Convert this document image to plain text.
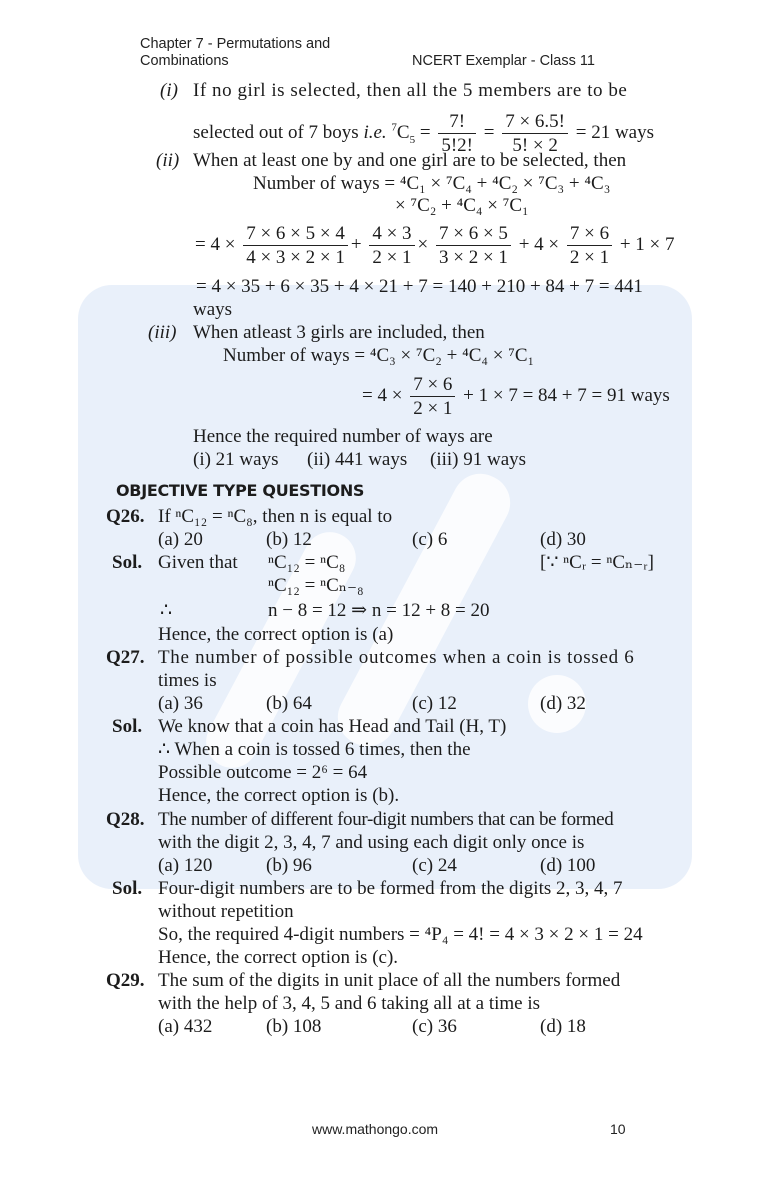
Chapter 7 - Permutations and
Combinations	NCERT Exemplar - Class 11
(i) If no girl is selected, then all the 5 members are to be
selected out of 7 boys i.e. $^7C_5 = \frac{7!}{5!2!} = \frac{7 \times 6.5!}{5! \times 2} = 21$ ways
(ii) When at least one by and one girl are to be selected, then
Number of ways = ⁴C₁ × ⁷C₄ + ⁴C₂ × ⁷C₃ + ⁴C₃
× ⁷C₂ + ⁴C₄ × ⁷C₁
= $4 \times \frac{7 \times 6 \times 5 \times 4}{4 \times 3 \times 2 \times 1} + \frac{4 \times 3}{2 \times 1} \times \frac{7 \times 6 \times 5}{3 \times 2 \times 1} + 4 \times \frac{7 \times 6}{2 \times 1} + 1 \times 7$
= 4 × 35 + 6 × 35 + 4 × 21 + 7 = 140 + 210 + 84 + 7 = 441
ways
(iii) When atleast 3 girls are included, then
Number of ways = ⁴C₃ × ⁷C₂ + ⁴C₄ × ⁷C₁
= $4 \times \frac{7 \times 6}{2 \times 1} + 1 \times 7 = 84 + 7 = 91$ ways
Hence the required number of ways are
(i) 21 ways (ii) 441 ways (iii) 91 ways
OBJECTIVE TYPE QUESTIONS
Q26. If ⁿC₁₂ = ⁿC₈, then n is equal to
(a) 20	(b) 12	(c) 6	(d) 30
Sol. Given that ⁿC₁₂ = ⁿC₈	[∵ ⁿCᵣ = ⁿCₙ₋ᵣ]
ⁿC₁₂ = ⁿCₙ₋₈
∴	n − 8 = 12 ⇒ n = 12 + 8 = 20
Hence, the correct option is (a)
Q27. The number of possible outcomes when a coin is tossed 6
times is
(a) 36	(b) 64	(c) 12	(d) 32
Sol. We know that a coin has Head and Tail (H, T)
∴ When a coin is tossed 6 times, then the
Possible outcome = 2⁶ = 64
Hence, the correct option is (b).
Q28. The number of different four-digit numbers that can be formed
with the digit 2, 3, 4, 7 and using each digit only once is
(a) 120	(b) 96	(c) 24	(d) 100
Sol. Four-digit numbers are to be formed from the digits 2, 3, 4, 7
without repetition
So, the required 4-digit numbers = ⁴P₄ = 4! = 4 × 3 × 2 × 1 = 24
Hence, the correct option is (c).
Q29. The sum of the digits in unit place of all the numbers formed
with the help of 3, 4, 5 and 6 taking all at a time is
(a) 432	(b) 108	(c) 36	(d) 18
www.mathongo.com	10
